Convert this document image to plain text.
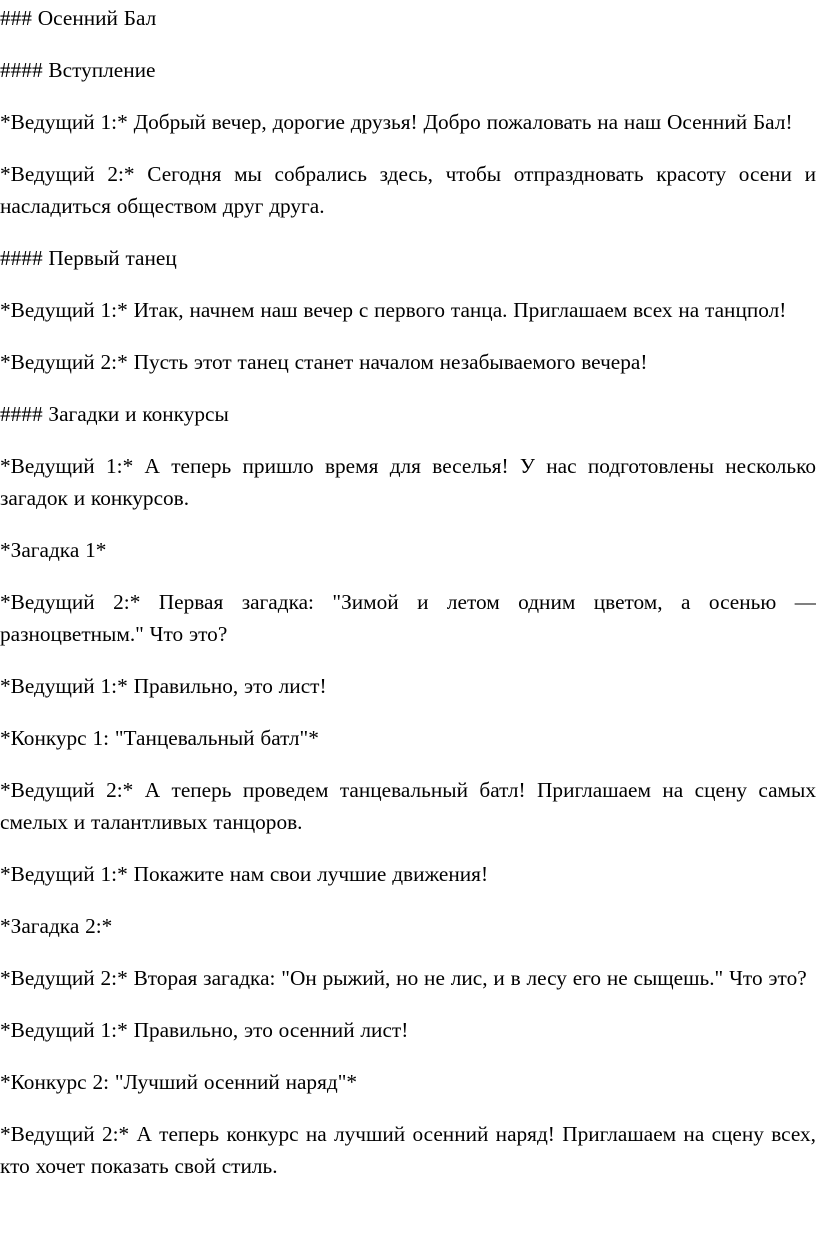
### Осенний Бал

#### Вступление

*Ведущий 1:* Добрый вечер, дорогие друзья! Добро пожаловать на наш Осенний Бал!

*Ведущий 2:* Сегодня мы собрались здесь, чтобы отпраздновать красоту осени и насладиться обществом друг друга.

#### Первый танец

*Ведущий 1:* Итак, начнем наш вечер с первого танца. Приглашаем всех на танцпол!

*Ведущий 2:* Пусть этот танец станет началом незабываемого вечера!

#### Загадки и конкурсы

*Ведущий 1:* А теперь пришло время для веселья! У нас подготовлены несколько загадок и конкурсов.

*Загадка 1*

*Ведущий 2:* Первая загадка: "Зимой и летом одним цветом, а осенью — разноцветным." Что это?

*Ведущий 1:* Правильно, это лист!

*Конкурс 1: "Танцевальный батл"*

*Ведущий 2:* А теперь проведем танцевальный батл! Приглашаем на сцену самых смелых и талантливых танцоров.

*Ведущий 1:* Покажите нам свои лучшие движения!

*Загадка 2:*

*Ведущий 2:* Вторая загадка: "Он рыжий, но не лис, и в лесу его не сыщешь." Что это?

*Ведущий 1:* Правильно, это осенний лист!

*Конкурс 2: "Лучший осенний наряд"*

*Ведущий 2:* А теперь конкурс на лучший осенний наряд! Приглашаем на сцену всех, кто хочет показать свой стиль.
